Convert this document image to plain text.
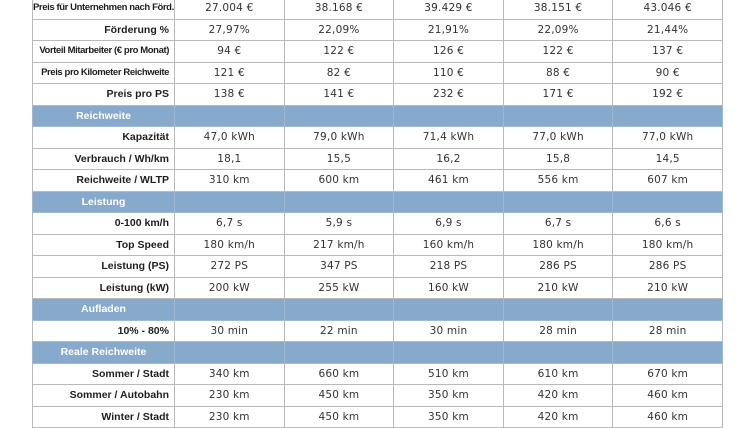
Preis für Unternehmen nach Förd.	27.004 €	38.168 €	39.429 €	38.151 €	43.046 €
Förderung %	27,97%	22,09%	21,91%	22,09%	21,44%
Vorteil Mitarbeiter (€ pro Monat)	94 €	122 €	126 €	122 €	137 €
Preis pro Kilometer Reichweite	121 €	82 €	110 €	88 €	90 €
Preis pro PS	138 €	141 €	232 €	171 €	192 €
Reichweite					
Kapazität	47,0 kWh	79,0 kWh	71,4 kWh	77,0 kWh	77,0 kWh
Verbrauch / Wh/km	18,1	15,5	16,2	15,8	14,5
Reichweite / WLTP	310 km	600 km	461 km	556 km	607 km
Leistung					
0-100 km/h	6,7 s	5,9 s	6,9 s	6,7 s	6,6 s
Top Speed	180 km/h	217 km/h	160 km/h	180 km/h	180 km/h
Leistung (PS)	272 PS	347 PS	218 PS	286 PS	286 PS
Leistung (kW)	200 kW	255 kW	160 kW	210 kW	210 kW
Aufladen					
10% - 80%	30 min	22 min	30 min	28 min	28 min
Reale Reichweite					
Sommer / Stadt	340 km	660 km	510 km	610 km	670 km
Sommer / Autobahn	230 km	450 km	350 km	420 km	460 km
Winter / Stadt	230 km	450 km	350 km	420 km	460 km
